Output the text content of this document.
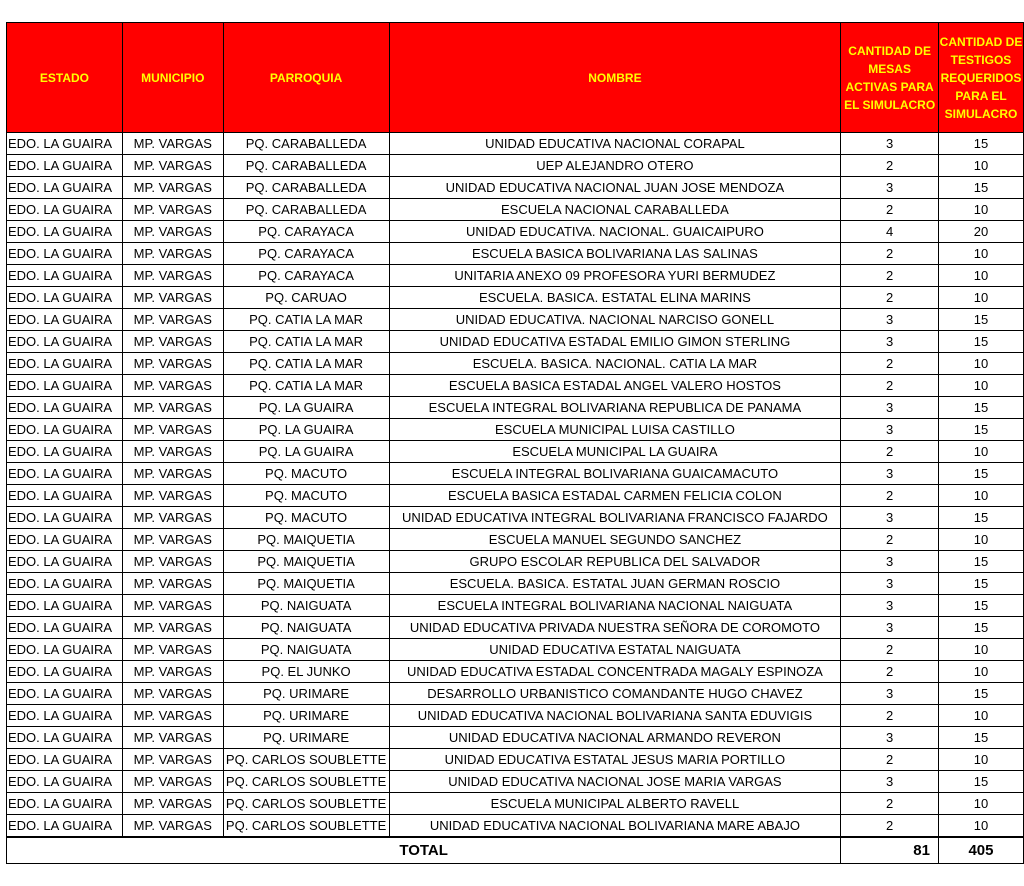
ESTADO	MUNICIPIO	PARROQUIA	NOMBRE	CANTIDAD DE MESAS ACTIVAS PARA EL SIMULACRO	CANTIDAD DE TESTIGOS REQUERIDOS PARA EL SIMULACRO
EDO. LA GUAIRA	MP. VARGAS	PQ. CARABALLEDA	UNIDAD EDUCATIVA NACIONAL CORAPAL	3	15
EDO. LA GUAIRA	MP. VARGAS	PQ. CARABALLEDA	UEP ALEJANDRO OTERO	2	10
EDO. LA GUAIRA	MP. VARGAS	PQ. CARABALLEDA	UNIDAD EDUCATIVA NACIONAL JUAN JOSE MENDOZA	3	15
EDO. LA GUAIRA	MP. VARGAS	PQ. CARABALLEDA	ESCUELA NACIONAL CARABALLEDA	2	10
EDO. LA GUAIRA	MP. VARGAS	PQ. CARAYACA	UNIDAD EDUCATIVA. NACIONAL. GUAICAIPURO	4	20
EDO. LA GUAIRA	MP. VARGAS	PQ. CARAYACA	ESCUELA BASICA BOLIVARIANA LAS SALINAS	2	10
EDO. LA GUAIRA	MP. VARGAS	PQ. CARAYACA	UNITARIA ANEXO 09 PROFESORA YURI BERMUDEZ	2	10
EDO. LA GUAIRA	MP. VARGAS	PQ. CARUAO	ESCUELA. BASICA. ESTATAL ELINA MARINS	2	10
EDO. LA GUAIRA	MP. VARGAS	PQ. CATIA LA MAR	UNIDAD EDUCATIVA. NACIONAL NARCISO GONELL	3	15
EDO. LA GUAIRA	MP. VARGAS	PQ. CATIA LA MAR	UNIDAD EDUCATIVA ESTADAL EMILIO GIMON STERLING	3	15
EDO. LA GUAIRA	MP. VARGAS	PQ. CATIA LA MAR	ESCUELA. BASICA. NACIONAL. CATIA LA MAR	2	10
EDO. LA GUAIRA	MP. VARGAS	PQ. CATIA LA MAR	ESCUELA BASICA ESTADAL ANGEL VALERO HOSTOS	2	10
EDO. LA GUAIRA	MP. VARGAS	PQ. LA GUAIRA	ESCUELA INTEGRAL BOLIVARIANA REPUBLICA DE PANAMA	3	15
EDO. LA GUAIRA	MP. VARGAS	PQ. LA GUAIRA	ESCUELA MUNICIPAL LUISA CASTILLO	3	15
EDO. LA GUAIRA	MP. VARGAS	PQ. LA GUAIRA	ESCUELA MUNICIPAL LA GUAIRA	2	10
EDO. LA GUAIRA	MP. VARGAS	PQ. MACUTO	ESCUELA INTEGRAL BOLIVARIANA GUAICAMACUTO	3	15
EDO. LA GUAIRA	MP. VARGAS	PQ. MACUTO	ESCUELA BASICA ESTADAL CARMEN FELICIA COLON	2	10
EDO. LA GUAIRA	MP. VARGAS	PQ. MACUTO	UNIDAD EDUCATIVA INTEGRAL BOLIVARIANA FRANCISCO FAJARDO	3	15
EDO. LA GUAIRA	MP. VARGAS	PQ. MAIQUETIA	ESCUELA MANUEL SEGUNDO SANCHEZ	2	10
EDO. LA GUAIRA	MP. VARGAS	PQ. MAIQUETIA	GRUPO ESCOLAR REPUBLICA DEL SALVADOR	3	15
EDO. LA GUAIRA	MP. VARGAS	PQ. MAIQUETIA	ESCUELA. BASICA. ESTATAL JUAN GERMAN ROSCIO	3	15
EDO. LA GUAIRA	MP. VARGAS	PQ. NAIGUATA	ESCUELA INTEGRAL BOLIVARIANA NACIONAL NAIGUATA	3	15
EDO. LA GUAIRA	MP. VARGAS	PQ. NAIGUATA	UNIDAD EDUCATIVA PRIVADA NUESTRA SEÑORA DE COROMOTO	3	15
EDO. LA GUAIRA	MP. VARGAS	PQ. NAIGUATA	UNIDAD EDUCATIVA ESTATAL NAIGUATA	2	10
EDO. LA GUAIRA	MP. VARGAS	PQ. EL JUNKO	UNIDAD EDUCATIVA ESTADAL CONCENTRADA MAGALY ESPINOZA	2	10
EDO. LA GUAIRA	MP. VARGAS	PQ. URIMARE	DESARROLLO URBANISTICO COMANDANTE HUGO CHAVEZ	3	15
EDO. LA GUAIRA	MP. VARGAS	PQ. URIMARE	UNIDAD EDUCATIVA NACIONAL BOLIVARIANA SANTA EDUVIGIS	2	10
EDO. LA GUAIRA	MP. VARGAS	PQ. URIMARE	UNIDAD EDUCATIVA NACIONAL ARMANDO REVERON	3	15
EDO. LA GUAIRA	MP. VARGAS	PQ. CARLOS SOUBLETTE	UNIDAD EDUCATIVA ESTATAL JESUS MARIA PORTILLO	2	10
EDO. LA GUAIRA	MP. VARGAS	PQ. CARLOS SOUBLETTE	UNIDAD EDUCATIVA NACIONAL JOSE MARIA VARGAS	3	15
EDO. LA GUAIRA	MP. VARGAS	PQ. CARLOS SOUBLETTE	ESCUELA MUNICIPAL ALBERTO RAVELL	2	10
EDO. LA GUAIRA	MP. VARGAS	PQ. CARLOS SOUBLETTE	UNIDAD EDUCATIVA NACIONAL BOLIVARIANA MARE ABAJO	2	10
TOTAL				81	405
